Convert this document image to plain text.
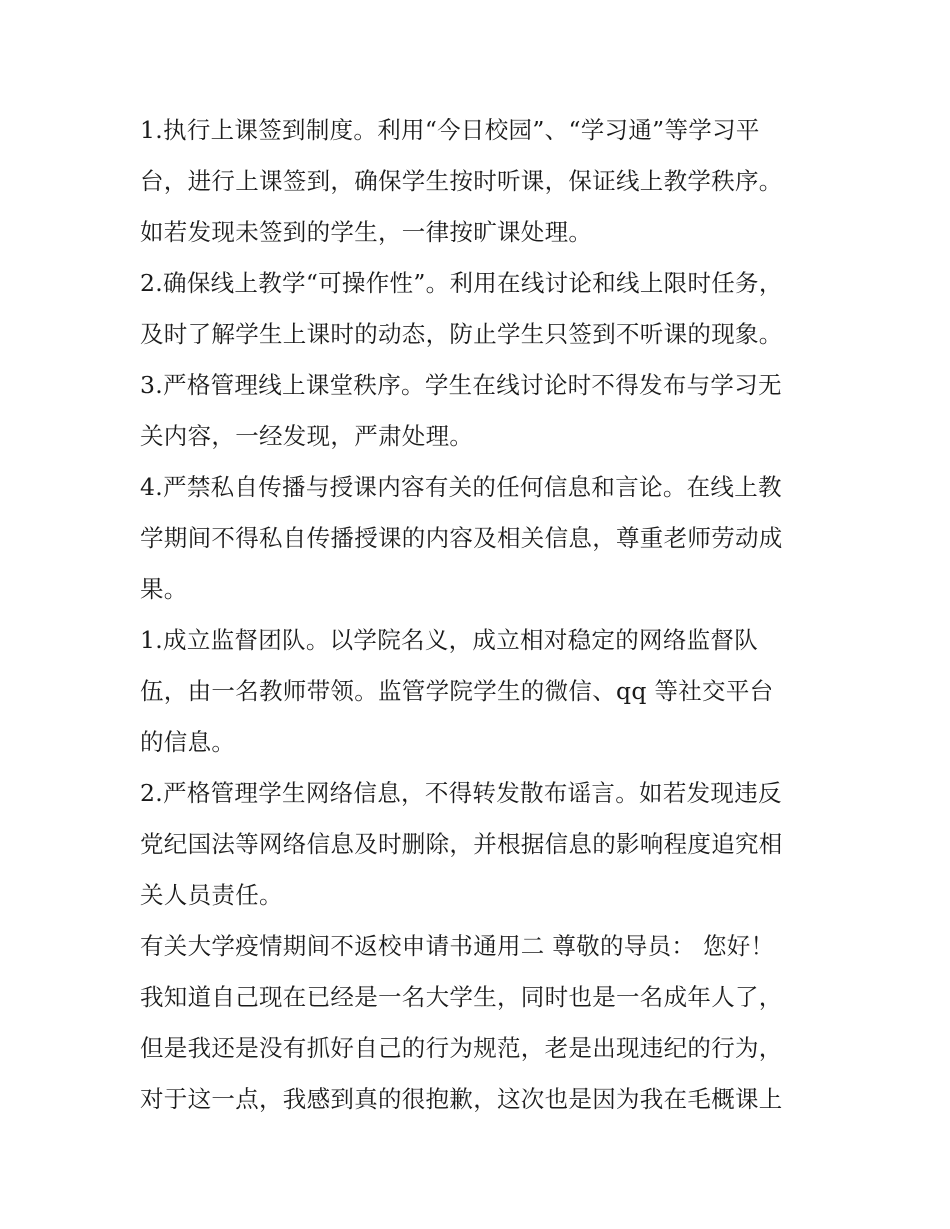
1.执行上课签到制度。利用“今日校园”、“学习通”等学习平
台，进行上课签到，确保学生按时听课，保证线上教学秩序。
如若发现未签到的学生，一律按旷课处理。
2.确保线上教学“可操作性”。利用在线讨论和线上限时任务，
及时了解学生上课时的动态，防止学生只签到不听课的现象。
3.严格管理线上课堂秩序。学生在线讨论时不得发布与学习无
关内容，一经发现，严肃处理。
4.严禁私自传播与授课内容有关的任何信息和言论。在线上教
学期间不得私自传播授课的内容及相关信息，尊重老师劳动成
果。
1.成立监督团队。以学院名义，成立相对稳定的网络监督队
伍，由一名教师带领。监管学院学生的微信、qq 等社交平台
的信息。
2.严格管理学生网络信息，不得转发散布谣言。如若发现违反
党纪国法等网络信息及时删除，并根据信息的影响程度追究相
关人员责任。
有关大学疫情期间不返校申请书通用二 尊敬的导员： 您好！
我知道自己现在已经是一名大学生，同时也是一名成年人了，
但是我还是没有抓好自己的行为规范，老是出现违纪的行为，
对于这一点，我感到真的很抱歉，这次也是因为我在毛概课上
